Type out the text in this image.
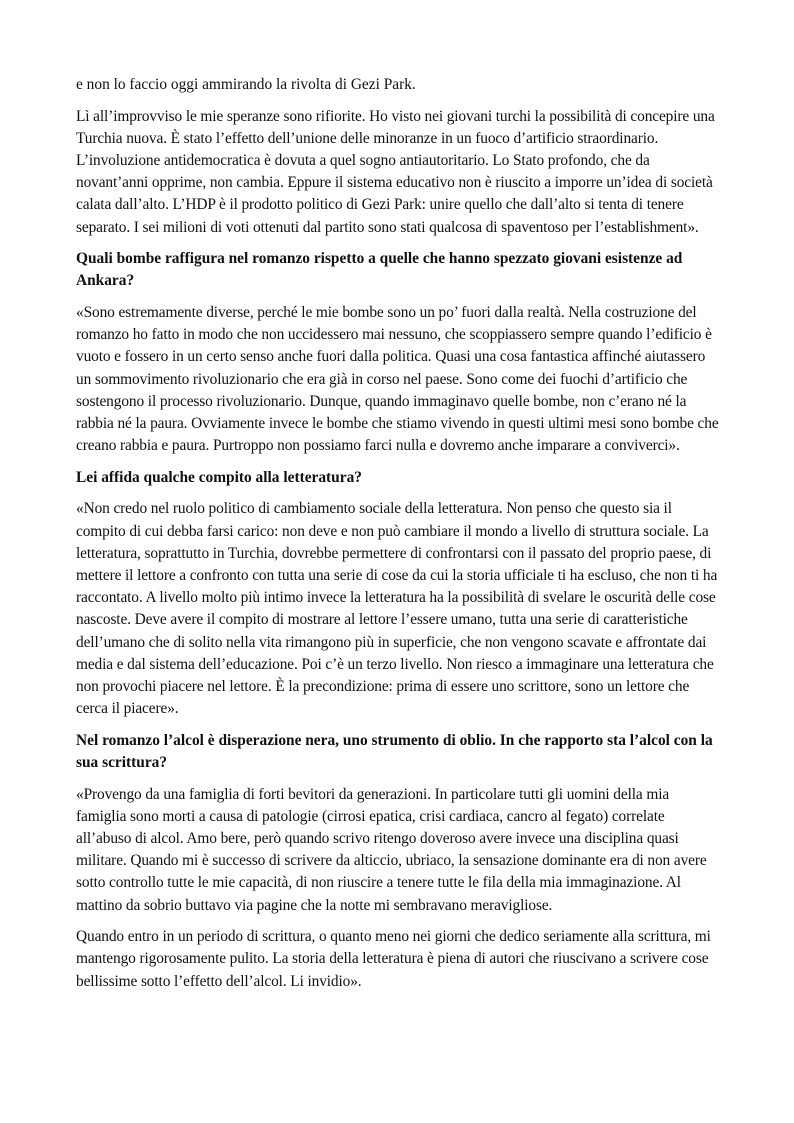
e non lo faccio oggi ammirando la rivolta di Gezi Park.

Lì all’improvviso le mie speranze sono rifiorite. Ho visto nei giovani turchi la possibilità di concepire una Turchia nuova. È stato l’effetto dell’unione delle minoranze in un fuoco d’artificio straordinario. L’involuzione antidemocratica è dovuta a quel sogno antiautoritario. Lo Stato profondo, che da novant’anni opprime, non cambia. Eppure il sistema educativo non è riuscito a imporre un’idea di società calata dall’alto. L’HDP è il prodotto politico di Gezi Park: unire quello che dall’alto si tenta di tenere separato. I sei milioni di voti ottenuti dal partito sono stati qualcosa di spaventoso per l’establishment».

Quali bombe raffigura nel romanzo rispetto a quelle che hanno spezzato giovani esistenze ad Ankara?

«Sono estremamente diverse, perché le mie bombe sono un po’ fuori dalla realtà. Nella costruzione del romanzo ho fatto in modo che non uccidessero mai nessuno, che scoppiassero sempre quando l’edificio è vuoto e fossero in un certo senso anche fuori dalla politica. Quasi una cosa fantastica affinché aiutassero un sommovimento rivoluzionario che era già in corso nel paese. Sono come dei fuochi d’artificio che sostengono il processo rivoluzionario. Dunque, quando immaginavo quelle bombe, non c’erano né la rabbia né la paura. Ovviamente invece le bombe che stiamo vivendo in questi ultimi mesi sono bombe che creano rabbia e paura. Purtroppo non possiamo farci nulla e dovremo anche imparare a conviverci».

Lei affida qualche compito alla letteratura?

«Non credo nel ruolo politico di cambiamento sociale della letteratura. Non penso che questo sia il compito di cui debba farsi carico: non deve e non può cambiare il mondo a livello di struttura sociale. La letteratura, soprattutto in Turchia, dovrebbe permettere di confrontarsi con il passato del proprio paese, di mettere il lettore a confronto con tutta una serie di cose da cui la storia ufficiale ti ha escluso, che non ti ha raccontato. A livello molto più intimo invece la letteratura ha la possibilità di svelare le oscurità delle cose nascoste. Deve avere il compito di mostrare al lettore l’essere umano, tutta una serie di caratteristiche dell’umano che di solito nella vita rimangono più in superficie, che non vengono scavate e affrontate dai media e dal sistema dell’educazione. Poi c’è un terzo livello. Non riesco a immaginare una letteratura che non provochi piacere nel lettore. È la precondizione: prima di essere uno scrittore, sono un lettore che cerca il piacere».

Nel romanzo l’alcol è disperazione nera, uno strumento di oblio. In che rapporto sta l’alcol con la sua scrittura?

«Provengo da una famiglia di forti bevitori da generazioni. In particolare tutti gli uomini della mia famiglia sono morti a causa di patologie (cirrosi epatica, crisi cardiaca, cancro al fegato) correlate all’abuso di alcol. Amo bere, però quando scrivo ritengo doveroso avere invece una disciplina quasi militare. Quando mi è successo di scrivere da alticcio, ubriaco, la sensazione dominante era di non avere sotto controllo tutte le mie capacità, di non riuscire a tenere tutte le fila della mia immaginazione. Al mattino da sobrio buttavo via pagine che la notte mi sembravano meravigliose.

Quando entro in un periodo di scrittura, o quanto meno nei giorni che dedico seriamente alla scrittura, mi mantengo rigorosamente pulito. La storia della letteratura è piena di autori che riuscivano a scrivere cose bellissime sotto l’effetto dell’alcol. Li invidio».
